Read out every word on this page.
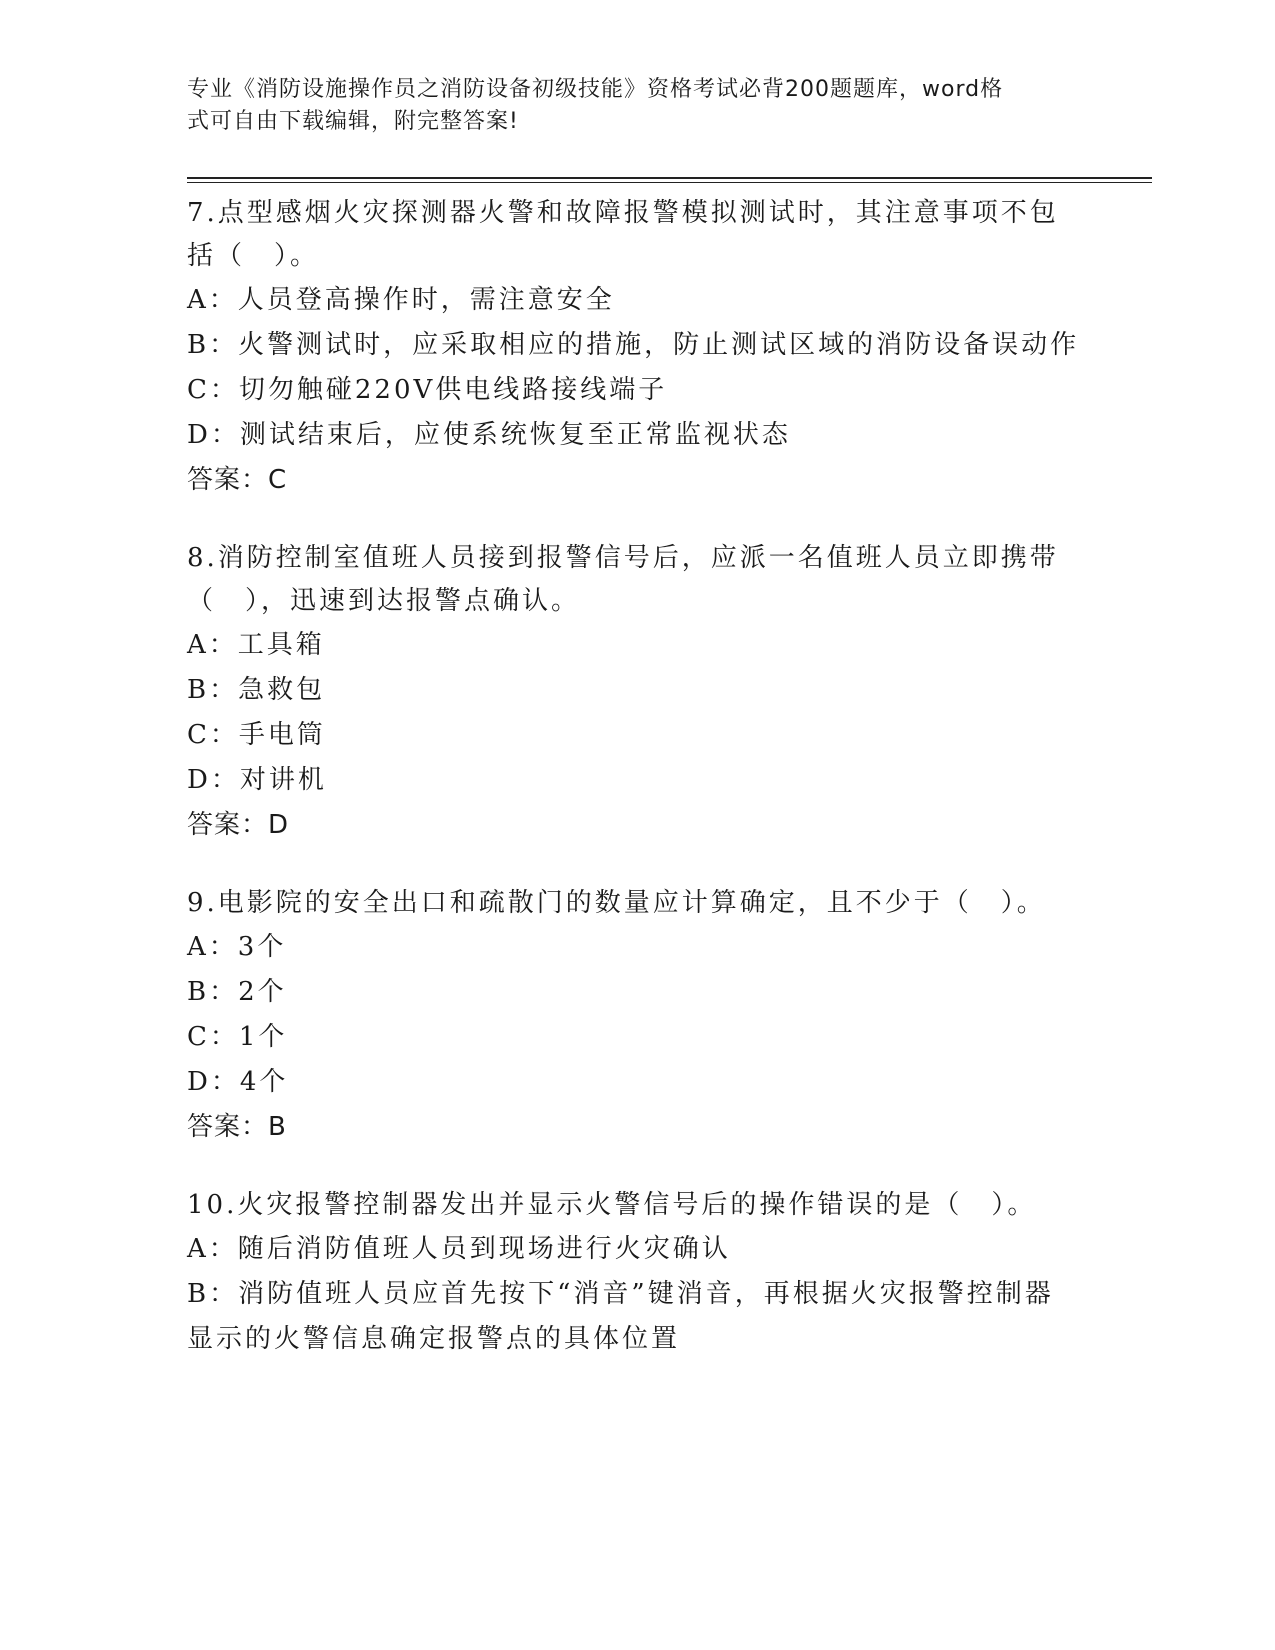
专业《消防设施操作员之消防设备初级技能》资格考试必背200题题库，word格
式可自由下载编辑，附完整答案!

7.点型感烟火灾探测器火警和故障报警模拟测试时，其注意事项不包

括（　）。

A：人员登高操作时，需注意安全

B：火警测试时，应采取相应的措施，防止测试区域的消防设备误动作

C：切勿触碰220V供电线路接线端子

D：测试结束后，应使系统恢复至正常监视状态

答案：C

8.消防控制室值班人员接到报警信号后，应派一名值班人员立即携带

（　），迅速到达报警点确认。

A：工具箱

B：急救包

C：手电筒

D：对讲机

答案：D

9.电影院的安全出口和疏散门的数量应计算确定，且不少于（　）。

A：3个

B：2个

C：1个

D：4个

答案：B

10.火灾报警控制器发出并显示火警信号后的操作错误的是（　）。

A：随后消防值班人员到现场进行火灾确认

B：消防值班人员应首先按下“消音”键消音，再根据火灾报警控制器

显示的火警信息确定报警点的具体位置
